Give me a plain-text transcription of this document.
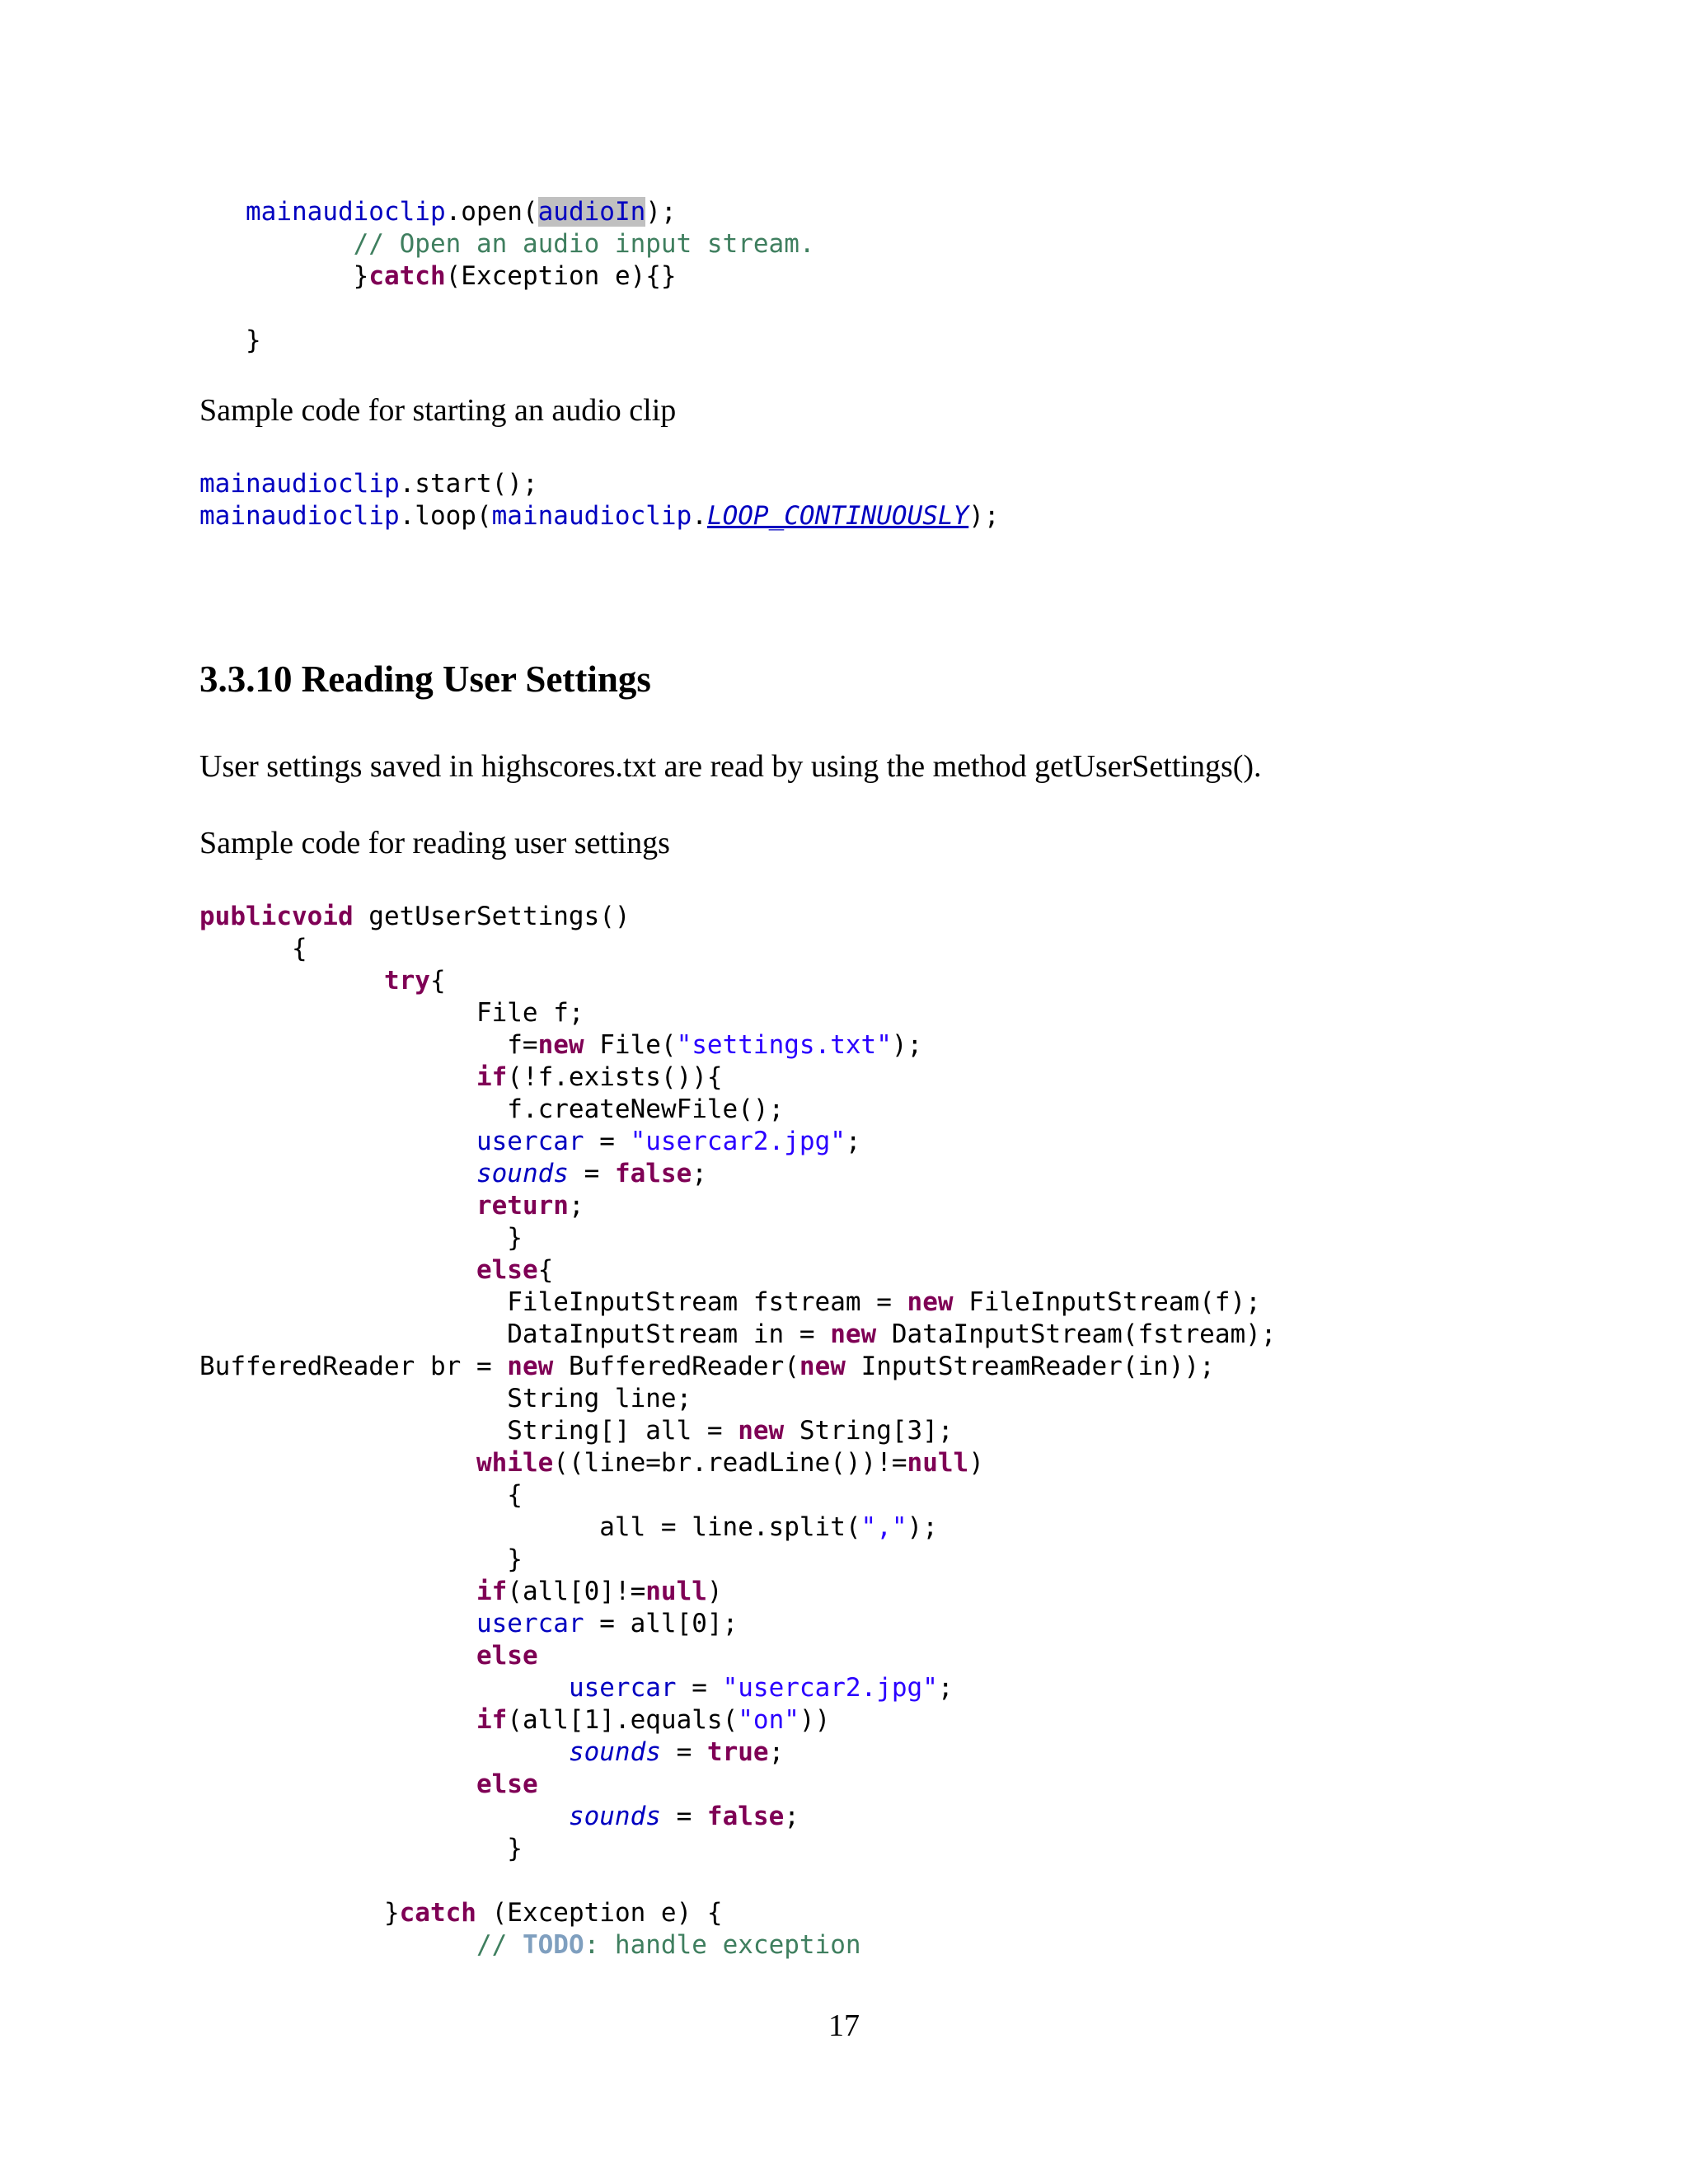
mainaudioclip.open(audioIn);
// Open an audio input stream.
}catch(Exception e){}

}

Sample code for starting an audio clip

mainaudioclip.start();
mainaudioclip.loop(mainaudioclip.LOOP_CONTINUOUSLY);
3.3.10 Reading User Settings

User settings saved in highscores.txt are read by using the method getUserSettings().

Sample code for reading user settings

publicvoid getUserSettings()
{
try{
File f;
f=new File("settings.txt");
if(!f.exists()){
f.createNewFile();
usercar = "usercar2.jpg";
sounds = false;
return;
}
else{
FileInputStream fstream = new FileInputStream(f);
DataInputStream in = new DataInputStream(fstream);
BufferedReader br = new BufferedReader(new InputStreamReader(in));
String line;
String[] all = new String[3];
while((line=br.readLine())!=null)
{
all = line.split(",");
}
if(all[0]!=null)
usercar = all[0];
else
usercar = "usercar2.jpg";
if(all[1].equals("on"))
sounds = true;
else
sounds = false;
}

}catch (Exception e) {
// TODO: handle exception
17
